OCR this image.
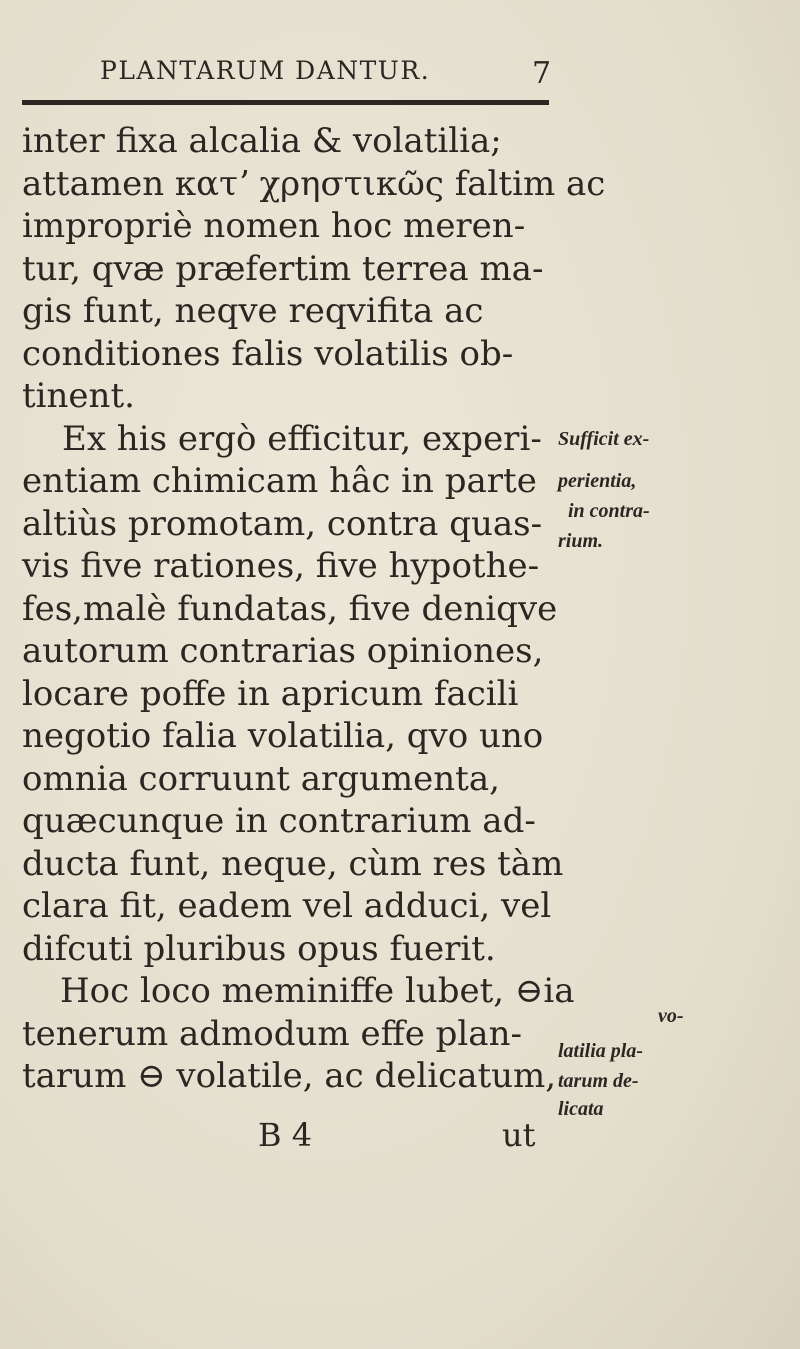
PLANTARUM DANTUR.	7
inter fixa alcalia & volatilia;
attamen κατʼ χρηστικῶς faltim ac
impropriè nomen hoc meren-
tur, qvæ præfertim terrea ma-
gis funt, neqve reqvifita ac
conditiones falis volatilis ob-
tinent.
Ex his ergò efficitur, experi-
entiam chimicam hâc in parte
altiùs promotam, contra quas-
vis five rationes, five hypothe-
fes,malè fundatas, five deniqve
autorum contrarias opiniones,
locare poffe in apricum facili
negotio falia volatilia, qvo uno
omnia corruunt argumenta,
quæcunque in contrarium ad-
ducta funt, neque, cùm res tàm
clara fit, eadem vel adduci, vel
difcuti pluribus opus fuerit.
Hoc loco meminiffe lubet, ⊖ia
tenerum admodum effe plan-
tarum ⊖ volatile, ac delicatum,
Sufficit ex-
perientia,
in contra-
rium.
vo-
latilia pla-
tarum de-
licata
B 4	ut
